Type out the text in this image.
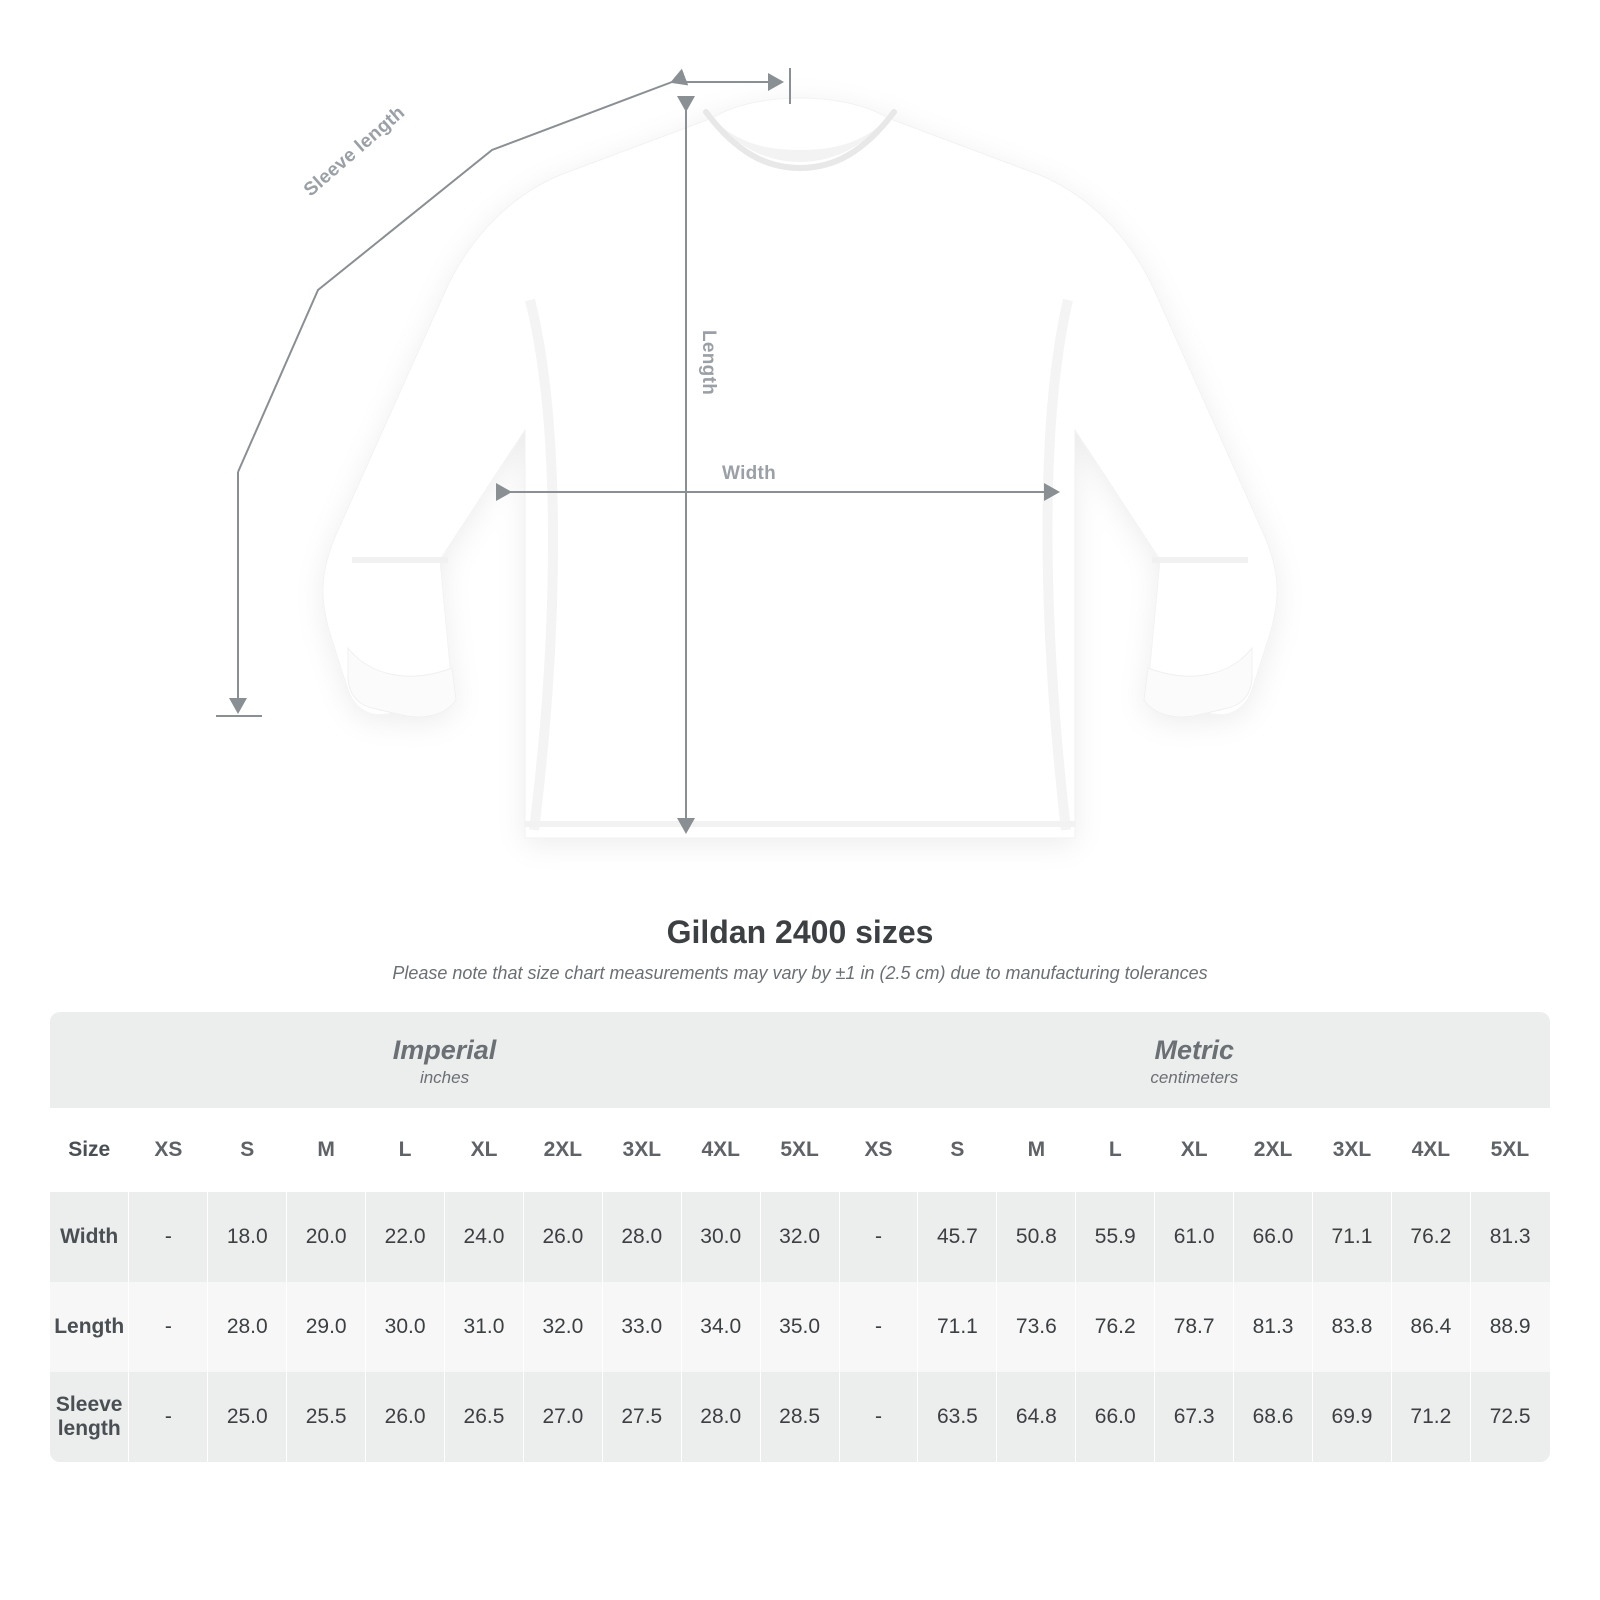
Sleeve length
Length
Width
Gildan 2400 sizes

Please note that size chart measurements may vary by ±1 in (2.5 cm) due to manufacturing tolerances

Imperial
inches										Metric
centimeters								

Size	XS	S	M	L	XL	2XL	3XL	4XL	5XL	XS	S	M	L	XL	2XL	3XL	4XL	5XL
Width	-	18.0	20.0	22.0	24.0	26.0	28.0	30.0	32.0	-	45.7	50.8	55.9	61.0	66.0	71.1	76.2	81.3
Length	-	28.0	29.0	30.0	31.0	32.0	33.0	34.0	35.0	-	71.1	73.6	76.2	78.7	81.3	83.8	86.4	88.9
Sleeve length	-	25.0	25.5	26.0	26.5	27.0	27.5	28.0	28.5	-	63.5	64.8	66.0	67.3	68.6	69.9	71.2	72.5
